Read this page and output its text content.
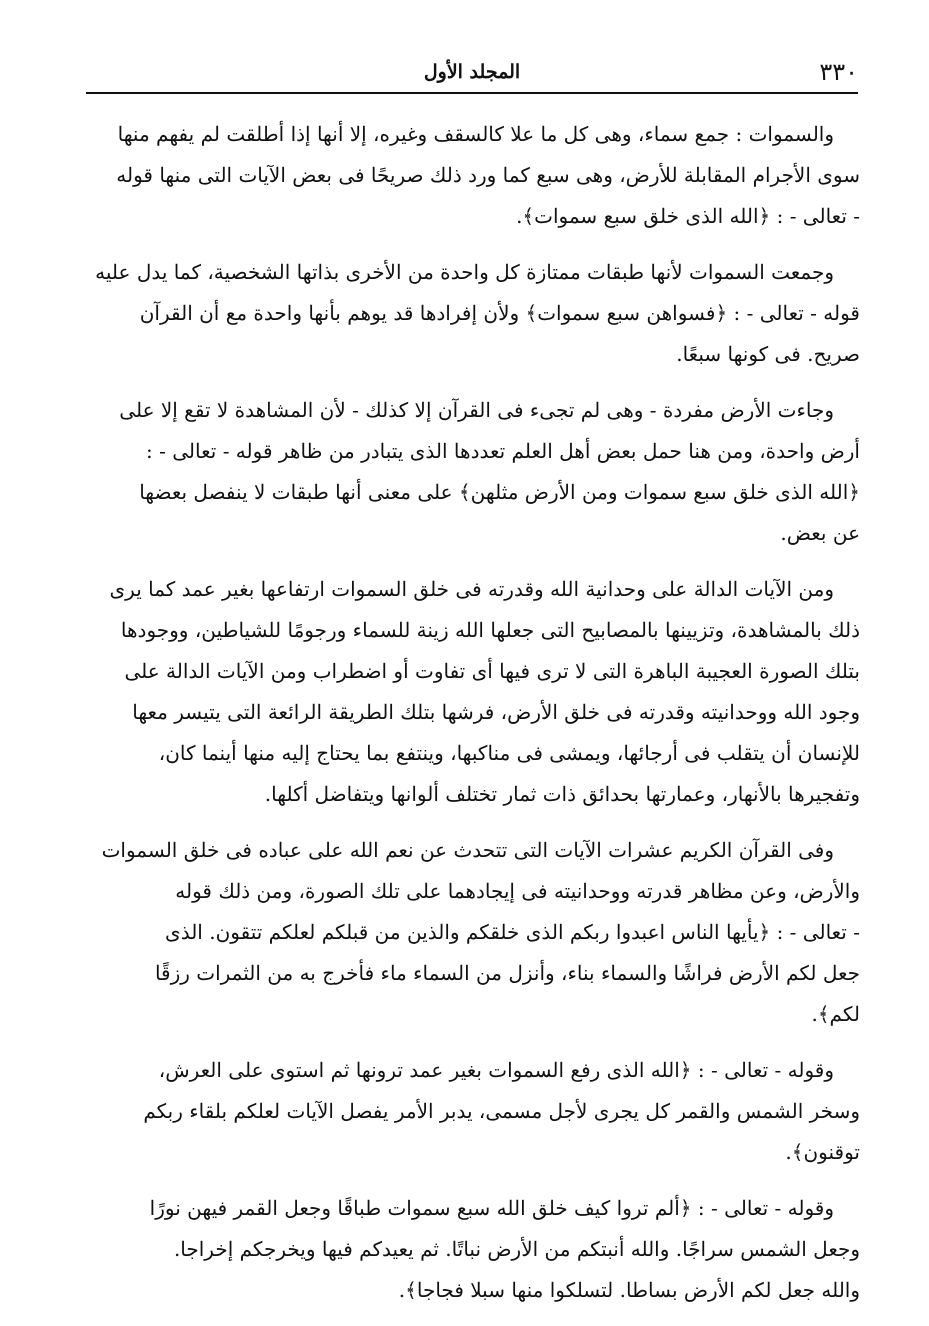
٣٣٠
المجلد الأول

والسموات : جمع سماء، وهى كل ما علا كالسقف وغيره، إلا أنها إذا أطلقت لم يفهم منها
سوى الأجرام المقابلة للأرض، وهى سبع كما ورد ذلك صريحًا فى بعض الآيات التى منها قوله
- تعالى - : ﴿الله الذى خلق سبع سموات﴾.

وجمعت السموات لأنها طبقات ممتازة كل واحدة من الأخرى بذاتها الشخصية، كما يدل عليه
قوله - تعالى - : ﴿فسواهن سبع سموات﴾ ولأن إفرادها قد يوهم بأنها واحدة مع أن القرآن
صريح. فى كونها سبعًا.

وجاءت الأرض مفردة - وهى لم تجىء فى القرآن إلا كذلك - لأن المشاهدة لا تقع إلا على
أرض واحدة، ومن هنا حمل بعض أهل العلم تعددها الذى يتبادر من ظاهر قوله - تعالى - :
﴿الله الذى خلق سبع سموات ومن الأرض مثلهن﴾ على معنى أنها طبقات لا ينفصل بعضها
عن بعض.

ومن الآيات الدالة على وحدانية الله وقدرته فى خلق السموات ارتفاعها بغير عمد كما يرى
ذلك بالمشاهدة، وتزيينها بالمصابيح التى جعلها الله زينة للسماء ورجومًا للشياطين، ووجودها
بتلك الصورة العجيبة الباهرة التى لا ترى فيها أى تفاوت أو اضطراب ومن الآيات الدالة على
وجود الله ووحدانيته وقدرته فى خلق الأرض، فرشها بتلك الطريقة الرائعة التى يتيسر معها
للإنسان أن يتقلب فى أرجائها، ويمشى فى مناكبها، وينتفع بما يحتاج إليه منها أينما كان،
وتفجيرها بالأنهار، وعمارتها بحدائق ذات ثمار تختلف ألوانها ويتفاضل أكلها.

وفى القرآن الكريم عشرات الآيات التى تتحدث عن نعم الله على عباده فى خلق السموات
والأرض، وعن مظاهر قدرته ووحدانيته فى إيجادهما على تلك الصورة، ومن ذلك قوله
- تعالى - : ﴿يأيها الناس اعبدوا ربكم الذى خلقكم والذين من قبلكم لعلكم تتقون. الذى
جعل لكم الأرض فراشًا والسماء بناء، وأنزل من السماء ماء فأخرج به من الثمرات رزقًا
لكم﴾.

وقوله - تعالى - : ﴿الله الذى رفع السموات بغير عمد ترونها ثم استوى على العرش،
وسخر الشمس والقمر كل يجرى لأجل مسمى، يدبر الأمر يفصل الآيات لعلكم بلقاء ربكم
توقنون﴾.

وقوله - تعالى - : ﴿ألم تروا كيف خلق الله سبع سموات طباقًا وجعل القمر فيهن نورًا
وجعل الشمس سراجًا. والله أنبتكم من الأرض نباتًا. ثم يعيدكم فيها ويخرجكم إخراجا.
والله جعل لكم الأرض بساطا. لتسلكوا منها سبلا فجاجا﴾.
